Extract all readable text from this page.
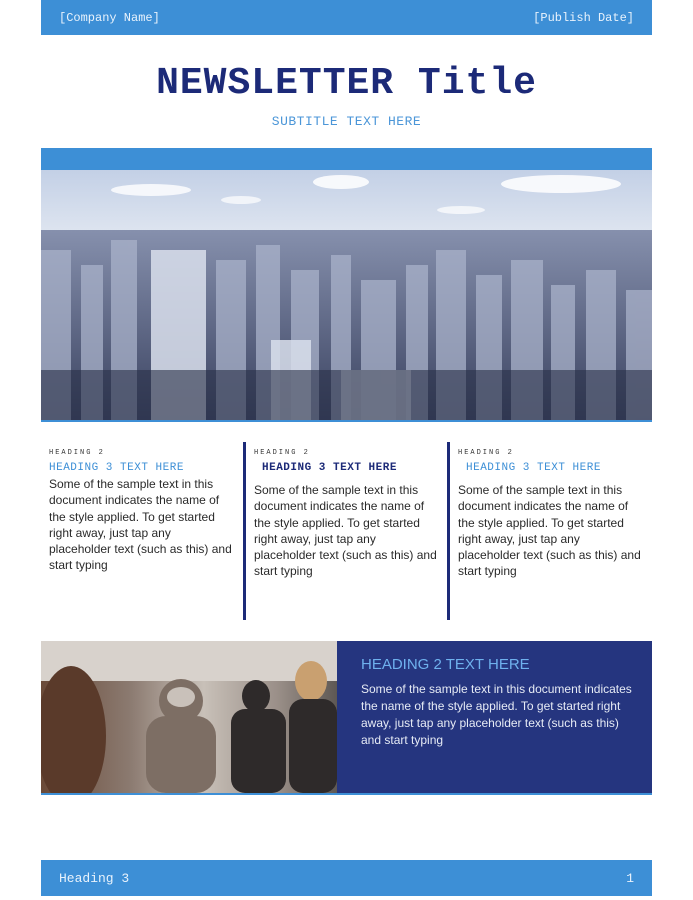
[Company Name]	[Publish Date]
NEWSLETTER Title
SUBTITLE TEXT HERE
HEADING 2
HEADING 3 TEXT HERE
Some of the sample text in this document indicates the name of the style applied. To get started right away, just tap any placeholder text (such as this) and start typing
HEADING 2
HEADING 3 TEXT HERE
Some of the sample text in this document indicates the name of the style applied. To get started right away, just tap any placeholder text (such as this) and start typing
HEADING 2
HEADING 3 TEXT HERE
Some of the sample text in this document indicates the name of the style applied. To get started right away, just tap any placeholder text (such as this) and start typing
HEADING 2 TEXT HERE
Some of the sample text in this document indicates the name of the style applied. To get started right away, just tap any placeholder text (such as this) and start typing
Heading 3	1
